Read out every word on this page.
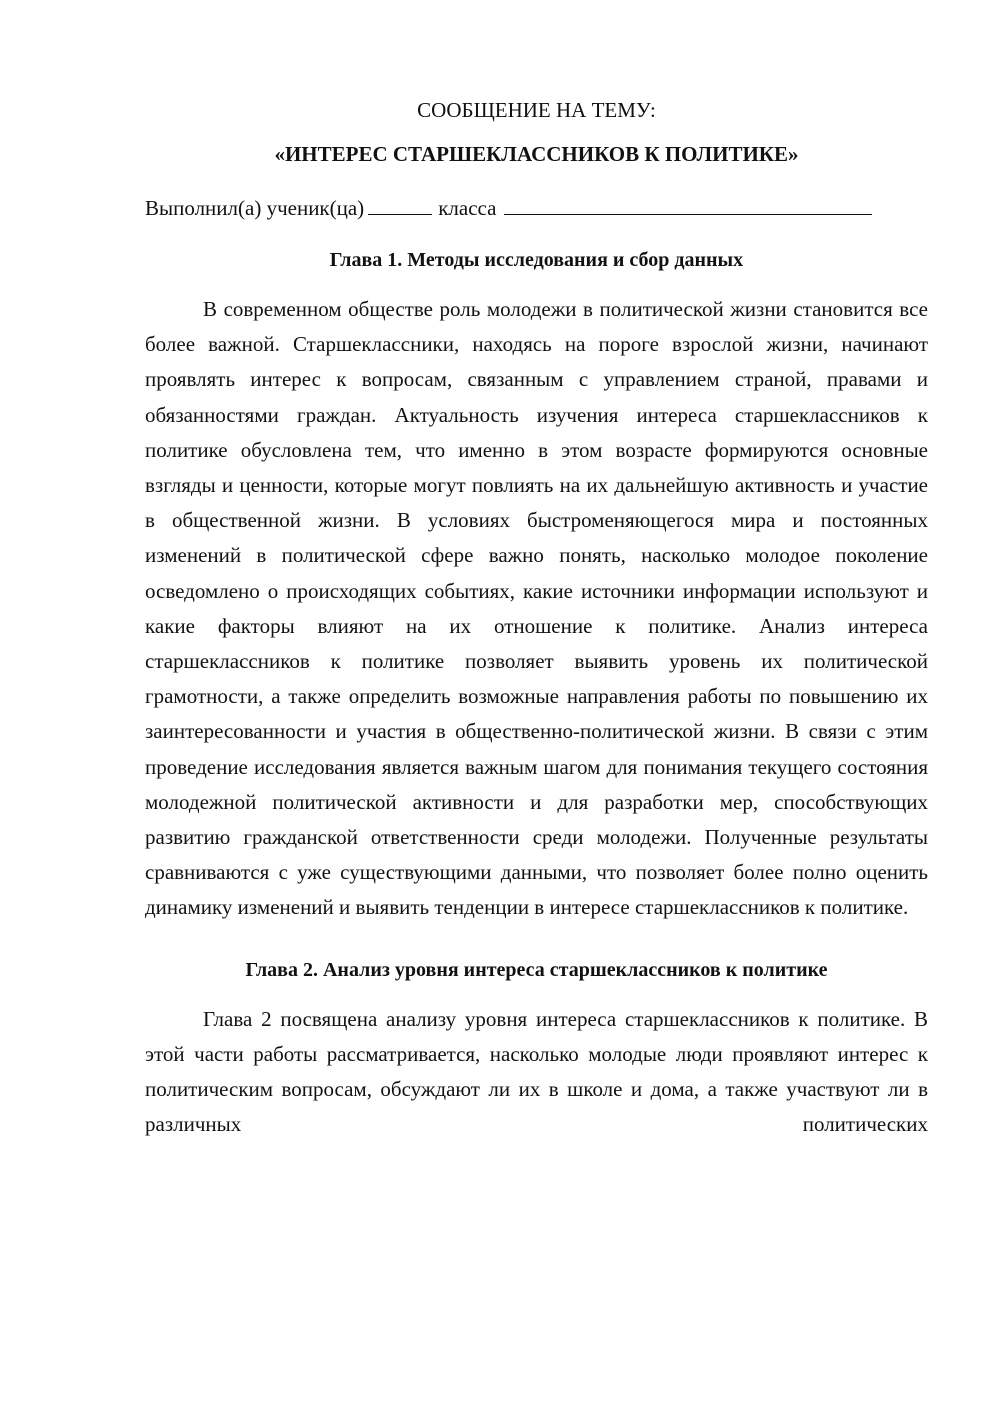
СООБЩЕНИЕ НА ТЕМУ:

«ИНТЕРЕС СТАРШЕКЛАССНИКОВ К ПОЛИТИКЕ»

Выполнил(а) ученик(ца)	класса

Глава 1. Методы исследования и сбор данных

В современном обществе роль молодежи в политической жизни становится все более важной. Старшеклассники, находясь на пороге взрослой жизни, начинают проявлять интерес к вопросам, связанным с управлением страной, правами и обязанностями граждан. Актуальность изучения интереса старшеклассников к политике обусловлена тем, что именно в этом возрасте формируются основные взгляды и ценности, которые могут повлиять на их дальнейшую активность и участие в общественной жизни. В условиях быстроменяющегося мира и постоянных изменений в политической сфере важно понять, насколько молодое поколение осведомлено о происходящих событиях, какие источники информации используют и какие факторы влияют на их отношение к политике. Анализ интереса старшеклассников к политике позволяет выявить уровень их политической грамотности, а также определить возможные направления работы по повышению их заинтересованности и участия в общественно-политической жизни. В связи с этим проведение исследования является важным шагом для понимания текущего состояния молодежной политической активности и для разработки мер, способствующих развитию гражданской ответственности среди молодежи. Полученные результаты сравниваются с уже существующими данными, что позволяет более полно оценить динамику изменений и выявить тенденции в интересе старшеклассников к политике.

Глава 2. Анализ уровня интереса старшеклассников к политике

Глава 2 посвящена анализу уровня интереса старшеклассников к политике. В этой части работы рассматривается, насколько молодые люди проявляют интерес к политическим вопросам, обсуждают ли их в школе и дома, а также участвуют ли в различных политических
